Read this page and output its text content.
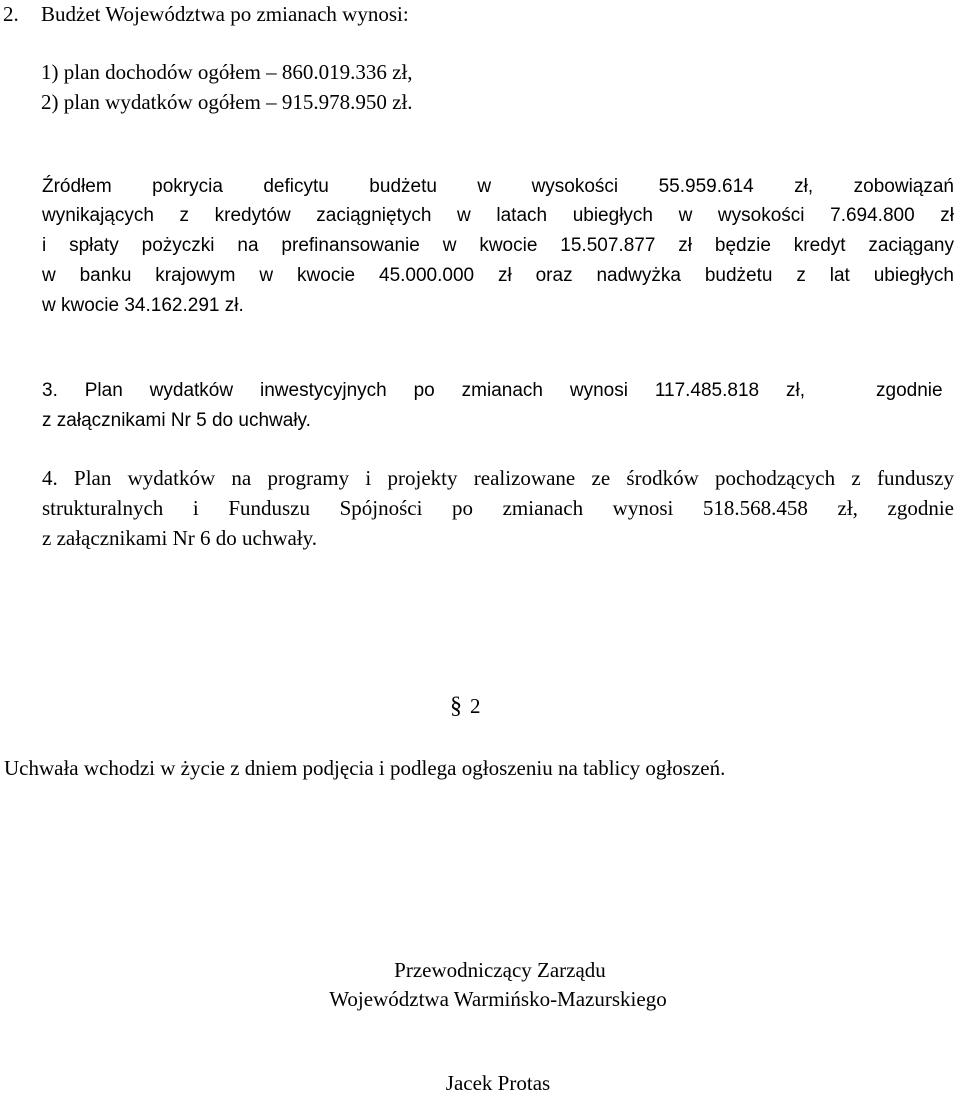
2. Budżet Województwa po zmianach wynosi:
1) plan dochodów ogółem – 860.019.336 zł,
2) plan wydatków ogółem – 915.978.950 zł.
Źródłem pokrycia deficytu budżetu w wysokości 55.959.614 zł, zobowiązań
wynikających z kredytów zaciągniętych w latach ubiegłych w wysokości 7.694.800 zł
i spłaty pożyczki na prefinansowanie w kwocie 15.507.877 zł będzie kredyt zaciągany
w banku krajowym w kwocie 45.000.000 zł oraz nadwyżka budżetu z lat ubiegłych
w kwocie 34.162.291 zł.
3. Plan wydatków inwestycyjnych po zmianach wynosi 117.485.818 zł,	zgodnie
z załącznikami Nr 5 do uchwały.
4. Plan wydatków na programy i projekty realizowane ze środków pochodzących z funduszy
strukturalnych i Funduszu Spójności po zmianach wynosi 518.568.458 zł, zgodnie
z załącznikami Nr 6 do uchwały.
§ 2
Uchwała wchodzi w życie z dniem podjęcia i podlega ogłoszeniu na tablicy ogłoszeń.
Przewodniczący Zarządu
Województwa Warmińsko-Mazurskiego
Jacek Protas
